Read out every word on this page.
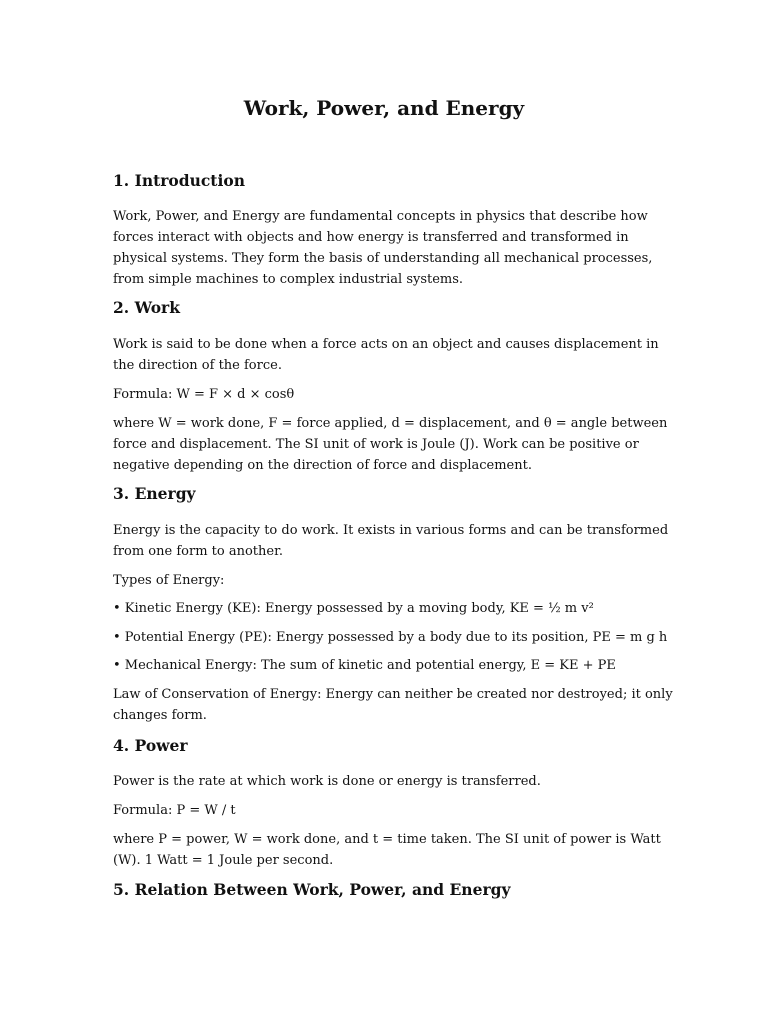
Work, Power, and Energy
1. Introduction
Work, Power, and Energy are fundamental concepts in physics that describe how
forces interact with objects and how energy is transferred and transformed in
physical systems. They form the basis of understanding all mechanical processes,
from simple machines to complex industrial systems.
2. Work
Work is said to be done when a force acts on an object and causes displacement in
the direction of the force.
Formula: W = F × d × cosθ
where W = work done, F = force applied, d = displacement, and θ = angle between
force and displacement. The SI unit of work is Joule (J). Work can be positive or
negative depending on the direction of force and displacement.
3. Energy
Energy is the capacity to do work. It exists in various forms and can be transformed
from one form to another.
Types of Energy:
• Kinetic Energy (KE): Energy possessed by a moving body, KE = ½ m v²
• Potential Energy (PE): Energy possessed by a body due to its position, PE = m g h
• Mechanical Energy: The sum of kinetic and potential energy, E = KE + PE
Law of Conservation of Energy: Energy can neither be created nor destroyed; it only
changes form.
4. Power
Power is the rate at which work is done or energy is transferred.
Formula: P = W / t
where P = power, W = work done, and t = time taken. The SI unit of power is Watt
(W). 1 Watt = 1 Joule per second.
5. Relation Between Work, Power, and Energy
